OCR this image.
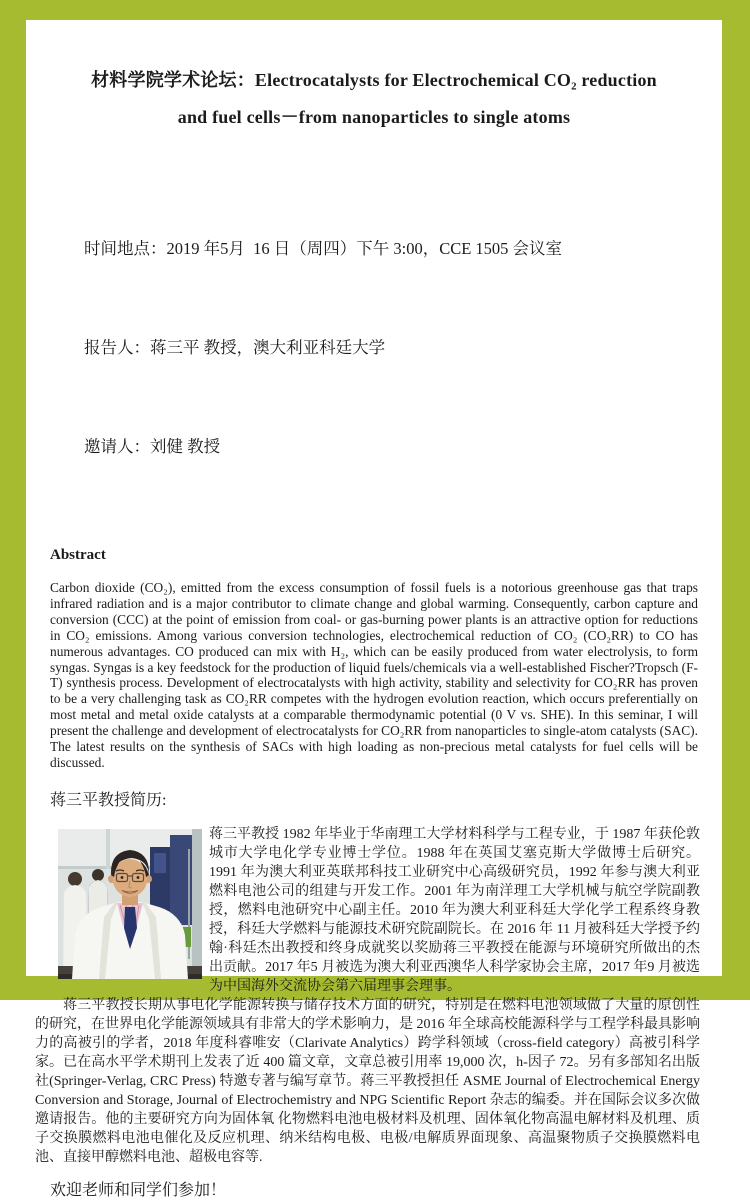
材料学院学术论坛：Electrocatalysts for Electrochemical CO₂ reduction
and fuel cells－from nanoparticles to single atoms

时间地点：2019 年5月  16 日（周四）下午 3:00，CCE 1505 会议室

报告人：蒋三平 教授，澳大利亚科廷大学

邀请人：刘健 教授

Abstract
Carbon dioxide (CO₂), emitted from the excess consumption of fossil fuels is a notorious greenhouse gas that traps infrared radiation and is a major contributor to climate change and global warming. Consequently, carbon capture and conversion (CCC) at the point of emission from coal- or gas-burning power plants is an attractive option for reductions in CO₂ emissions. Among various conversion technologies, electrochemical reduction of CO₂ (CO₂RR) to CO has numerous advantages. CO produced can mix with H₂, which can be easily produced from water electrolysis, to form syngas. Syngas is a key feedstock for the production of liquid fuels/chemicals via a well-established Fischer?Tropsch (F-T) synthesis process. Development of electrocatalysts with high activity, stability and selectivity for CO₂RR has proven to be a very challenging task as CO₂RR competes with the hydrogen evolution reaction, which occurs preferentially on most metal and metal oxide catalysts at a comparable thermodynamic potential (0 V vs. SHE). In this seminar, I will present the challenge and development of electrocatalysts for CO₂RR from nanoparticles to single-atom catalysts (SAC). The latest results on the synthesis of SACs with high loading as non-precious metal catalysts for fuel cells will be discussed.
蒋三平教授简历:

蒋三平教授 1982 年毕业于华南理工大学材料科学与工程专业，于 1987 年获伦敦城市大学电化学专业博士学位。1988 年在英国艾塞克斯大学做博士后研究。1991 年为澳大利亚英联邦科技工业研究中心高级研究员，1992 年参与澳大利亚燃料电池公司的组建与开发工作。2001 年为南洋理工大学机械与航空学院副教授，燃料电池研究中心副主任。2010 年为澳大利亚科廷大学化学工程系终身教授，科廷大学燃料与能源技术研究院副院长。在 2016 年 11 月被科廷大学授予约翰·科廷杰出教授和终身成就奖以奖励蒋三平教授在能源与环境研究所做出的杰出贡献。2017 年5 月被选为澳大利亚西澳华人科学家协会主席，2017 年9 月被选为中国海外交流协会第六届理事会理事。

蒋三平教授长期从事电化学能源转换与储存技术方面的研究，特别是在燃料电池领域做了大量的原创性的研究，在世界电化学能源领域具有非常大的学术影响力，是 2016 年全球高校能源科学与工程学科最具影响力的高被引的学者，2018 年度科睿唯安（Clarivate Analytics）跨学科领域（cross-field category）高被引科学家。已在高水平学术期刊上发表了近 400 篇文章，文章总被引用率 19,000 次，h-因子 72。另有多部知名出版社(Springer-Verlag, CRC Press) 特邀专著与编写章节。蒋三平教授担任 ASME Journal of Electrochemical Energy Conversion and Storage, Journal of Electrochemistry and NPG Scientific Report 杂志的编委。并在国际会议多次做邀请报告。他的主要研究方向为固体氧 化物燃料电池电极材料及机理、固体氧化物高温电解材料及机理、质子交换膜燃料电池电催化及反应机理、纳米结构电极、电极/电解质界面现象、高温聚物质子交换膜燃料电池、直接甲醇燃料电池、超极电容等.

欢迎老师和同学们参加！
